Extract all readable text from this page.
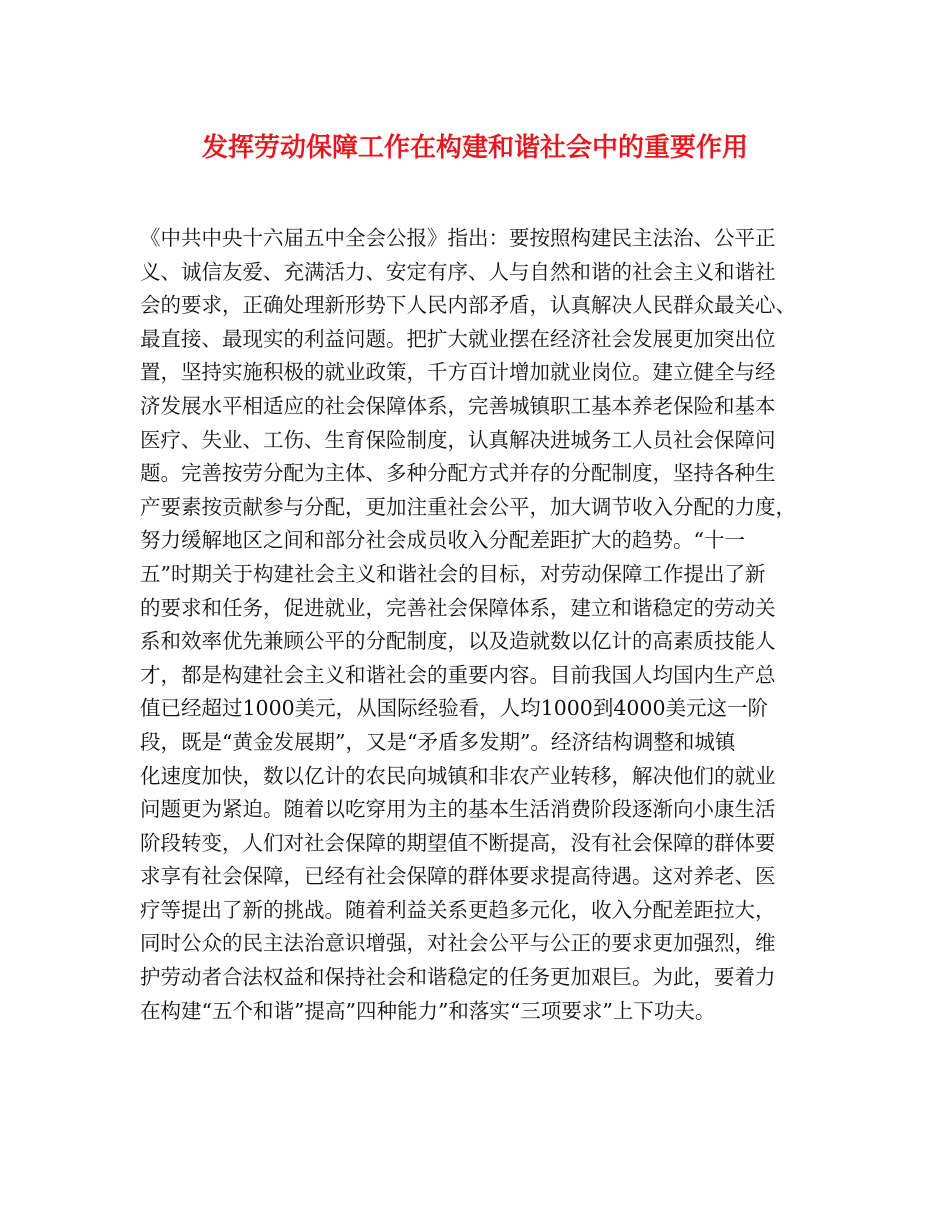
发挥劳动保障工作在构建和谐社会中的重要作用
《中共中央十六届五中全会公报》指出：要按照构建民主法治、公平正
义、诚信友爱、充满活力、安定有序、人与自然和谐的社会主义和谐社
会的要求，正确处理新形势下人民内部矛盾，认真解决人民群众最关心、
最直接、最现实的利益问题。把扩大就业摆在经济社会发展更加突出位
置，坚持实施积极的就业政策，千方百计增加就业岗位。建立健全与经
济发展水平相适应的社会保障体系，完善城镇职工基本养老保险和基本
医疗、失业、工伤、生育保险制度，认真解决进城务工人员社会保障问
题。完善按劳分配为主体、多种分配方式并存的分配制度，坚持各种生
产要素按贡献参与分配，更加注重社会公平，加大调节收入分配的力度，
努力缓解地区之间和部分社会成员收入分配差距扩大的趋势。“十一
五”时期关于构建社会主义和谐社会的目标，对劳动保障工作提出了新
的要求和任务，促进就业，完善社会保障体系，建立和谐稳定的劳动关
系和效率优先兼顾公平的分配制度，以及造就数以亿计的高素质技能人
才，都是构建社会主义和谐社会的重要内容。目前我国人均国内生产总
值已经超过1000美元，从国际经验看，人均1000到4000美元这一阶
段，既是“黄金发展期”，又是“矛盾多发期”。经济结构调整和城镇
化速度加快，数以亿计的农民向城镇和非农产业转移，解决他们的就业
问题更为紧迫。随着以吃穿用为主的基本生活消费阶段逐渐向小康生活
阶段转变，人们对社会保障的期望值不断提高，没有社会保障的群体要
求享有社会保障，已经有社会保障的群体要求提高待遇。这对养老、医
疗等提出了新的挑战。随着利益关系更趋多元化，收入分配差距拉大，
同时公众的民主法治意识增强，对社会公平与公正的要求更加强烈，维
护劳动者合法权益和保持社会和谐稳定的任务更加艰巨。为此，要着力
在构建“五个和谐”提高”四种能力”和落实“三项要求”上下功夫。
